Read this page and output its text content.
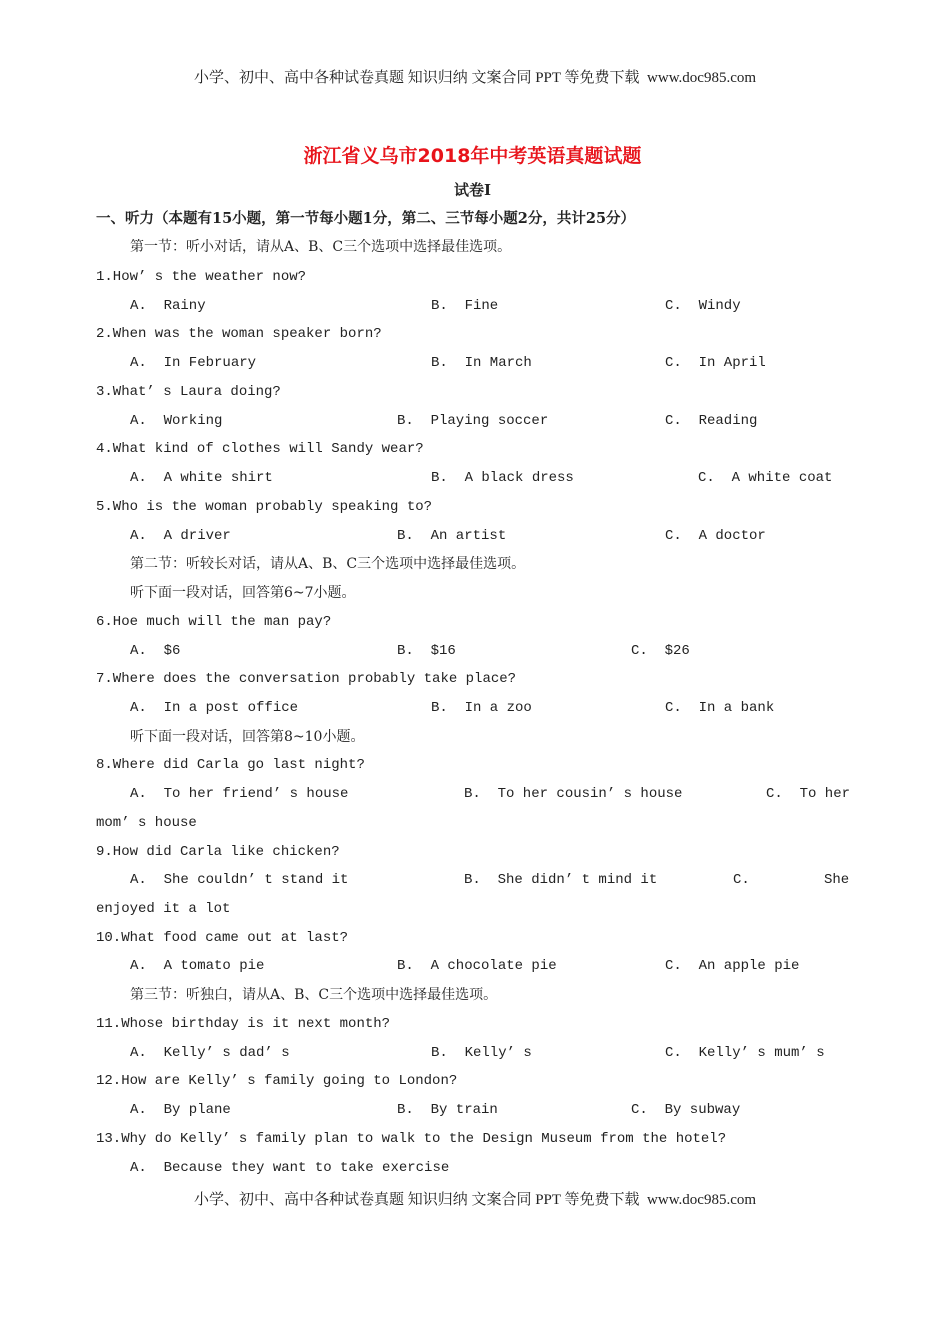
小学、初中、高中各种试卷真题 知识归纳 文案合同 PPT 等免费下载  www.doc985.com
浙江省义乌市2018年中考英语真题试题
试卷Ⅰ
一、听力（本题有15小题，第一节每小题1分，第二、三节每小题2分，共计25分）
第一节：听小对话，请从A、B、C三个选项中选择最佳选项。
1.How’ s the weather now?
A.  Rainy	B.  Fine	C.  Windy
2.When was the woman speaker born?
A.  In February	B.  In March	C.  In April
3.What’ s Laura doing?
A.  Working	B.  Playing soccer	C.  Reading
4.What kind of clothes will Sandy wear?
A.  A white shirt	B.  A black dress	C.  A white coat
5.Who is the woman probably speaking to?
A.  A driver	B.  An artist	C.  A doctor
6.Hoe much will the man pay?
A.  $6	B.  $16	C.  $26
7.Where does the conversation probably take place?
A.  In a post office	B.  In a zoo	C.  In a bank
8.Where did Carla go last night?
A.  To her friend’ s house	B.  To her cousin’ s house	C.  To her
mom’ s house
9.How did Carla like chicken?
A.  She couldn’ t stand it	B.  She didn’ t mind it	C.	She
enjoyed it a lot
10.What food came out at last?
A.  A tomato pie	B.  A chocolate pie	C.  An apple pie
11.Whose birthday is it next month?
A.  Kelly’ s dad’ s	B.  Kelly’ s	C.  Kelly’ s mum’ s
12.How are Kelly’ s family going to London?
A.  By plane	B.  By train	C.  By subway
13.Why do Kelly’ s family plan to walk to the Design Museum from the hotel?
A.  Because they want to take exercise
第二节：听较长对话，请从A、B、C三个选项中选择最佳选项。
听下面一段对话，回答第6~7小题。
听下面一段对话，回答第8~10小题。
第三节：听独白，请从A、B、C三个选项中选择最佳选项。
小学、初中、高中各种试卷真题 知识归纳 文案合同 PPT 等免费下载  www.doc985.com
